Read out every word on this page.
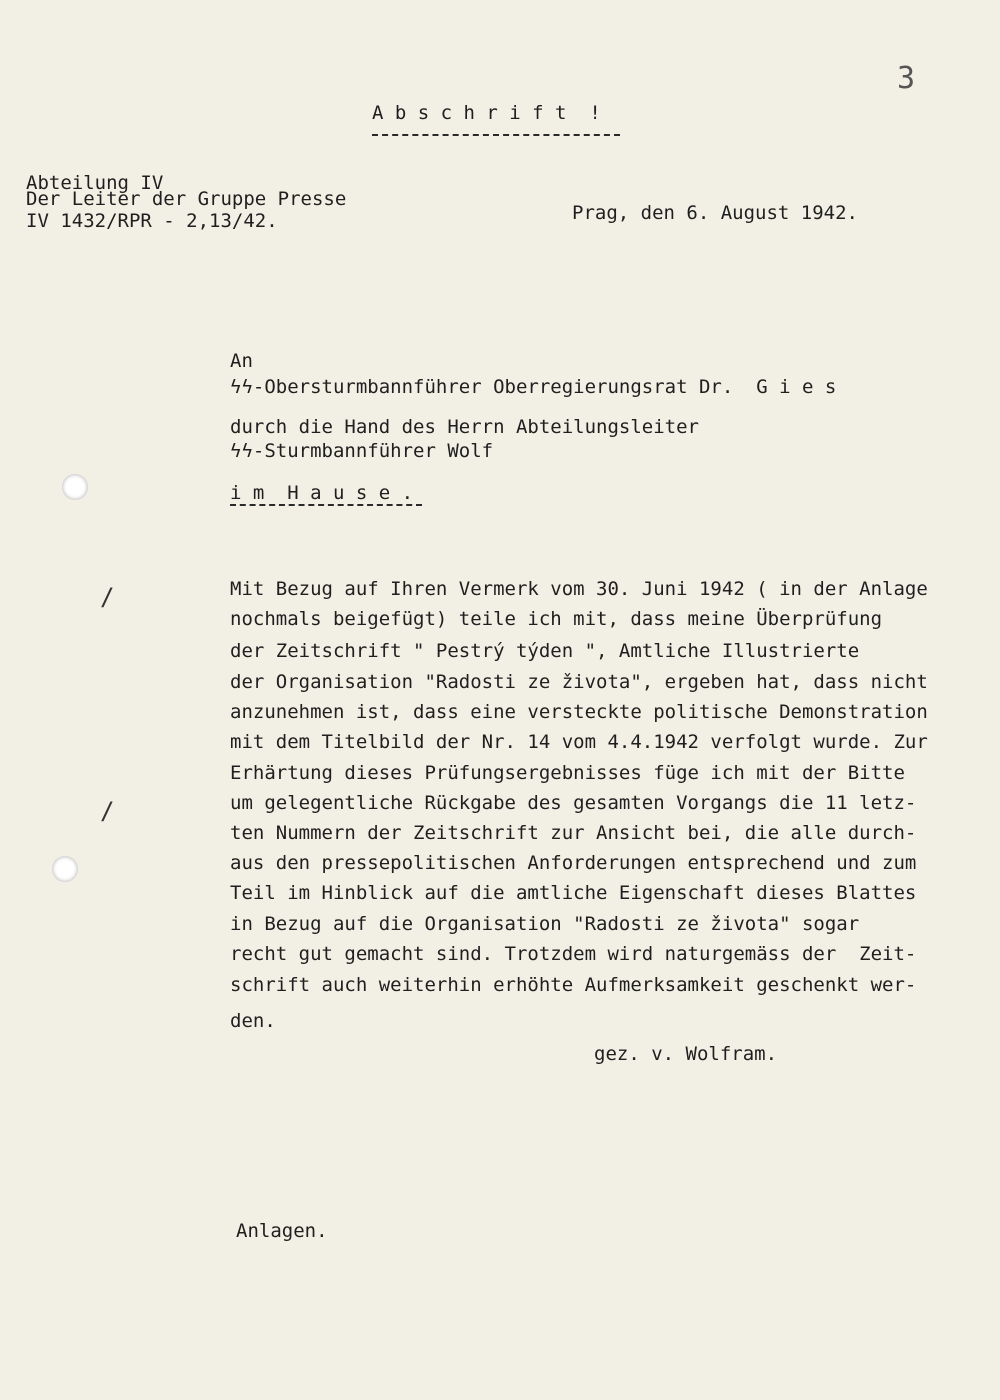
3
A b s c h r i f t  !
Abteilung IV
Der Leiter der Gruppe Presse
IV 1432/RPR - 2,13/42.	Prag, den 6. August 1942.
An
ϟϟ-Obersturmbannführer Oberregierungsrat Dr.  G i e s
durch die Hand des Herrn Abteilungsleiter
ϟϟ-Sturmbannführer Wolf
i m  H a u s e .
/
/
Mit Bezug auf Ihren Vermerk vom 30. Juni 1942 ( in der Anlage
nochmals beigefügt) teile ich mit, dass meine Überprüfung
der Zeitschrift " Pestrý týden ", Amtliche Illustrierte
der Organisation "Radosti ze života", ergeben hat, dass nicht
anzunehmen ist, dass eine versteckte politische Demonstration
mit dem Titelbild der Nr. 14 vom 4.4.1942 verfolgt wurde. Zur
Erhärtung dieses Prüfungsergebnisses füge ich mit der Bitte
um gelegentliche Rückgabe des gesamten Vorgangs die 11 letz-
ten Nummern der Zeitschrift zur Ansicht bei, die alle durch-
aus den pressepolitischen Anforderungen entsprechend und zum
Teil im Hinblick auf die amtliche Eigenschaft dieses Blattes
in Bezug auf die Organisation "Radosti ze života" sogar
recht gut gemacht sind. Trotzdem wird naturgemäss der  Zeit-
schrift auch weiterhin erhöhte Aufmerksamkeit geschenkt wer-
den.
gez. v. Wolfram.
Anlagen.
